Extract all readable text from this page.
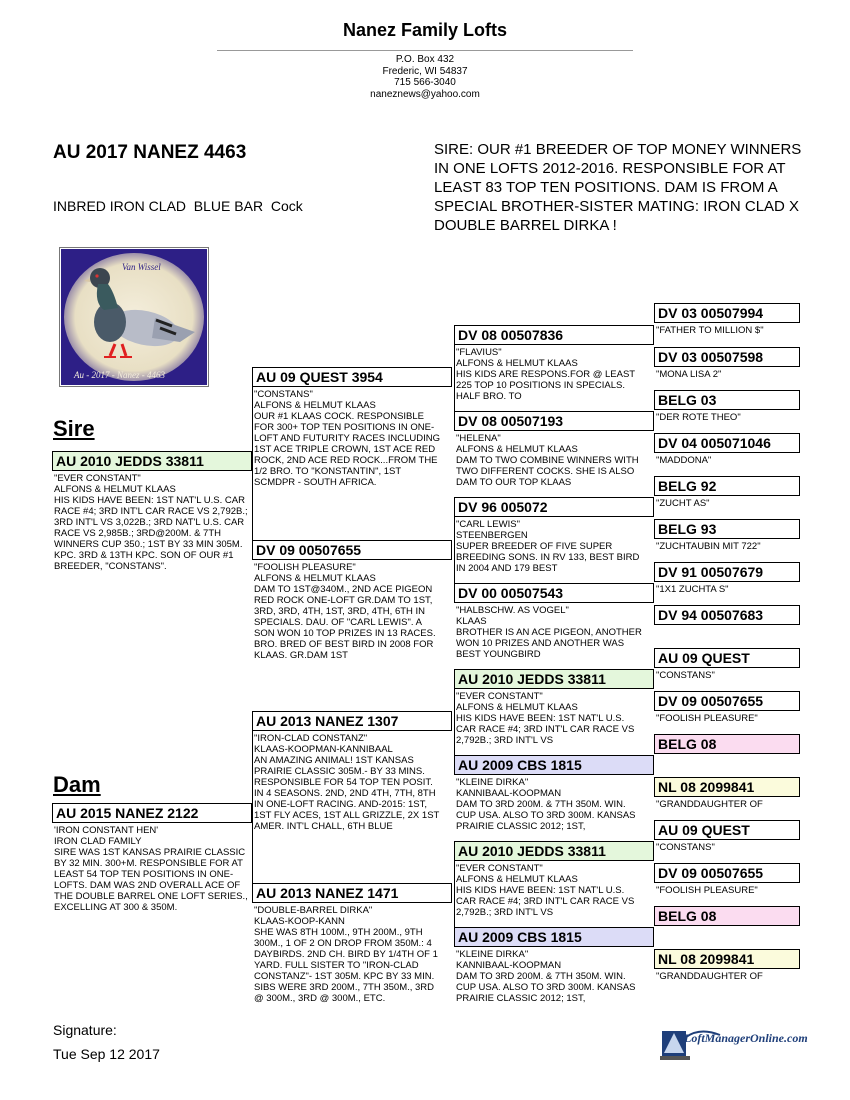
Nanez Family Lofts
P.O. Box 432
Frederic, WI 54837
715 566-3040
naneznews@yahoo.com
AU 2017 NANEZ 4463
INBRED IRON CLAD  BLUE BAR  Cock
SIRE: OUR #1 BREEDER OF TOP MONEY WINNERS IN ONE LOFTS 2012-2016. RESPONSIBLE FOR AT LEAST 83 TOP TEN POSITIONS. DAM IS FROM A SPECIAL BROTHER-SISTER MATING: IRON CLAD X DOUBLE BARREL DIRKA !
Van Wissel
Au - 2017 - Nanez - 4463
Sire
Dam
AU 2010 JEDDS 33811
"EVER CONSTANT"
ALFONS & HELMUT KLAAS
HIS KIDS HAVE BEEN: 1ST NAT'L U.S. CAR RACE #4; 3RD INT'L CAR RACE VS 2,792B.; 3RD INT'L VS 3,022B.; 3RD NAT'L U.S. CAR RACE VS 2,985B.; 3RD@200M. & 7TH WINNERS CUP 350.; 1ST BY 33 MIN 305M. KPC. 3RD & 13TH KPC. SON OF OUR #1 BREEDER, "CONSTANS".
AU 09 QUEST 3954
"CONSTANS"
ALFONS & HELMUT KLAAS
OUR #1 KLAAS COCK. RESPONSIBLE FOR 300+ TOP TEN POSITIONS IN ONE-LOFT AND FUTURITY RACES INCLUDING 1ST ACE TRIPLE CROWN, 1ST ACE RED ROCK, 2ND ACE RED ROCK...FROM THE 1/2 BRO. TO "KONSTANTIN", 1ST SCMDPR - SOUTH AFRICA.
DV 09 00507655
"FOOLISH PLEASURE"
ALFONS & HELMUT KLAAS
DAM TO 1ST@340M., 2ND ACE PIGEON RED ROCK ONE-LOFT GR.DAM TO 1ST, 3RD, 3RD, 4TH, 1ST, 3RD, 4TH, 6TH IN SPECIALS. DAU. OF "CARL LEWIS". A SON WON 10 TOP PRIZES IN 13 RACES. BRO. BRED OF BEST BIRD IN 2008 FOR KLAAS. GR.DAM 1ST
DV 08 00507836
"FLAVIUS"
ALFONS & HELMUT KLAAS
HIS KIDS ARE RESPONS.FOR @ LEAST 225 TOP 10 POSITIONS IN SPECIALS. HALF BRO. TO
DV 08 00507193
"HELENA"
ALFONS & HELMUT KLAAS
DAM TO TWO COMBINE WINNERS WITH TWO DIFFERENT COCKS. SHE IS ALSO DAM TO OUR TOP KLAAS
DV 96 005072
"CARL LEWIS"
STEENBERGEN
SUPER BREEDER OF FIVE SUPER BREEDING SONS. IN RV 133, BEST BIRD IN 2004 AND 179 BEST
DV 00 00507543
"HALBSCHW. AS VOGEL"
KLAAS
BROTHER IS AN ACE PIGEON, ANOTHER WON 10 PRIZES AND ANOTHER WAS BEST YOUNGBIRD
DV 03 00507994
"FATHER TO MILLION $"
DV 03 00507598
"MONA LISA 2"
BELG 03
"DER ROTE THEO"
DV 04 005071046
"MADDONA"
BELG 92
"ZUCHT AS"
BELG 93
"ZUCHTAUBIN MIT 722"
DV 91 00507679
"1X1 ZUCHTA S"
DV 94 00507683
AU 2015 NANEZ 2122
'IRON CONSTANT HEN'
IRON CLAD FAMILY
SIRE WAS 1ST KANSAS PRAIRIE CLASSIC BY 32 MIN. 300+M. RESPONSIBLE FOR AT LEAST 54 TOP TEN POSITIONS IN ONE-LOFTS. DAM WAS 2ND OVERALL ACE OF THE DOUBLE BARREL ONE LOFT SERIES., EXCELLING AT 300 & 350M.
AU 2013 NANEZ 1307
"IRON-CLAD CONSTANZ"
KLAAS-KOOPMAN-KANNIBAAL
AN AMAZING ANIMAL! 1ST KANSAS PRAIRIE CLASSIC 305M.- BY 33 MINS. RESPONSIBLE FOR 54 TOP TEN POSIT. IN 4 SEASONS. 2ND, 2ND 4TH, 7TH, 8TH IN ONE-LOFT RACING. AND-2015: 1ST, 1ST FLY ACES, 1ST ALL GRIZZLE, 2X 1ST AMER. INT'L CHALL, 6TH BLUE
AU 2013 NANEZ 1471
"DOUBLE-BARREL DIRKA"
KLAAS-KOOP-KANN
SHE WAS 8TH 100M., 9TH 200M., 9TH 300M., 1 OF 2 ON DROP FROM 350M.: 4 DAYBIRDS. 2ND CH. BIRD BY 1/4TH OF 1 YARD. FULL SISTER TO "IRON-CLAD CONSTANZ"- 1ST 305M. KPC BY 33 MIN. SIBS WERE 3RD 200M., 7TH 350M., 3RD @ 300M., 3RD @ 300M., ETC.
AU 2010 JEDDS 33811
"EVER CONSTANT"
ALFONS & HELMUT KLAAS
HIS KIDS HAVE BEEN: 1ST NAT'L U.S. CAR RACE #4; 3RD INT'L CAR RACE VS 2,792B.; 3RD INT'L VS
AU 2009 CBS 1815
"KLEINE DIRKA"
KANNIBAAL-KOOPMAN
DAM TO 3RD 200M. & 7TH 350M. WIN. CUP USA. ALSO TO 3RD 300M. KANSAS PRAIRIE CLASSIC 2012; 1ST,
AU 2010 JEDDS 33811
"EVER CONSTANT"
ALFONS & HELMUT KLAAS
HIS KIDS HAVE BEEN: 1ST NAT'L U.S. CAR RACE #4; 3RD INT'L CAR RACE VS 2,792B.; 3RD INT'L VS
AU 2009 CBS 1815
"KLEINE DIRKA"
KANNIBAAL-KOOPMAN
DAM TO 3RD 200M. & 7TH 350M. WIN. CUP USA. ALSO TO 3RD 300M. KANSAS PRAIRIE CLASSIC 2012; 1ST,
AU 09 QUEST
"CONSTANS"
DV 09 00507655
"FOOLISH PLEASURE"
BELG 08
NL 08 2099841
"GRANDDAUGHTER OF
AU 09 QUEST
"CONSTANS"
DV 09 00507655
"FOOLISH PLEASURE"
BELG 08
NL 08 2099841
"GRANDDAUGHTER OF
Signature:
Tue Sep 12 2017
LoftManagerOnline.com
